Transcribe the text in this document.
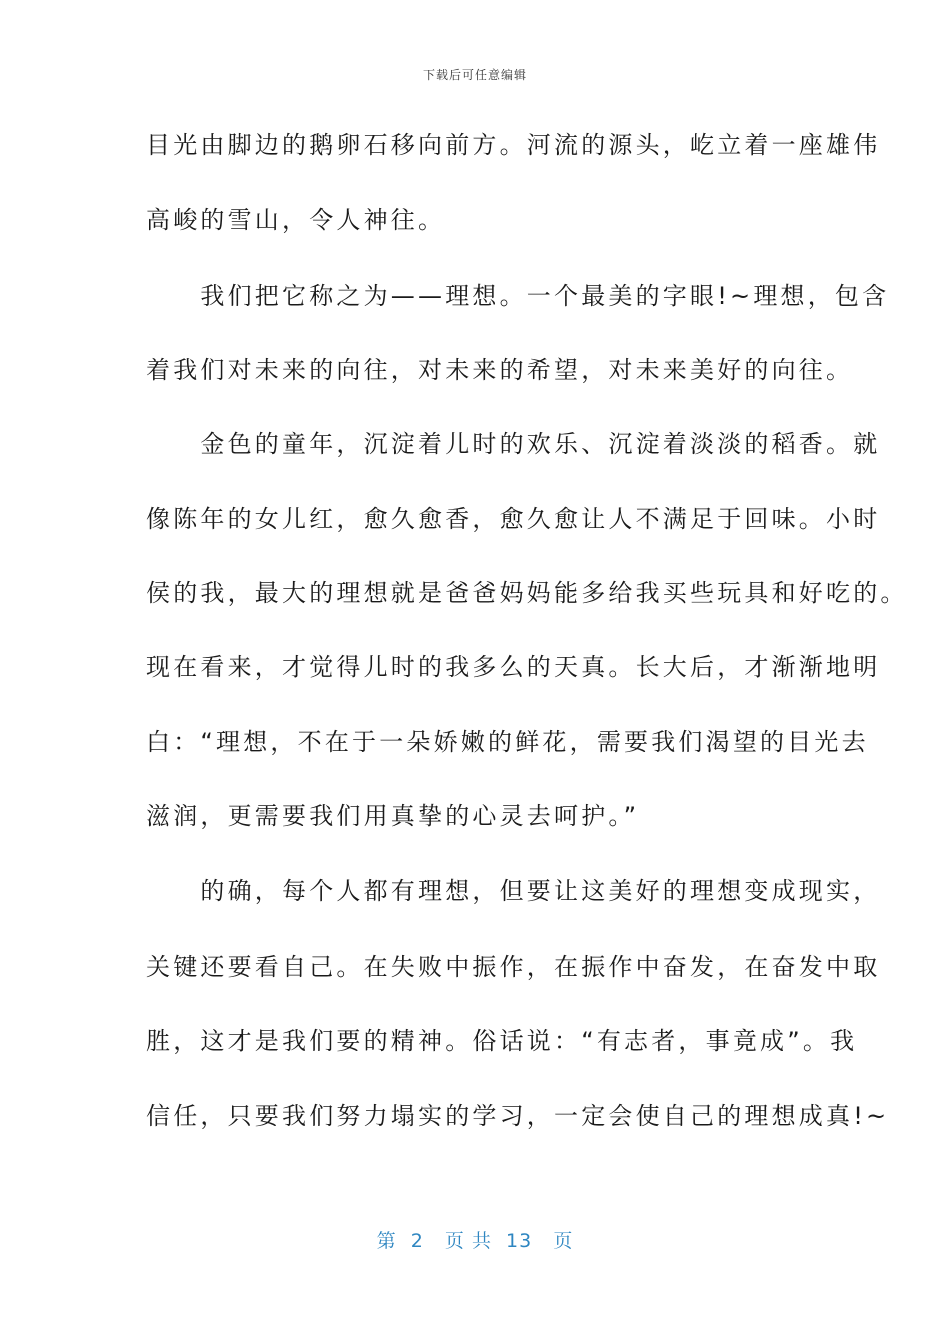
下载后可任意编辑
目光由脚边的鹅卵石移向前方。河流的源头，屹立着一座雄伟
高峻的雪山，令人神往。
　　我们把它称之为——理想。一个最美的字眼!~理想，包含
着我们对未来的向往，对未来的希望，对未来美好的向往。
　　金色的童年，沉淀着儿时的欢乐、沉淀着淡淡的稻香。就
像陈年的女儿红，愈久愈香，愈久愈让人不满足于回味。小时
侯的我，最大的理想就是爸爸妈妈能多给我买些玩具和好吃的。
现在看来，才觉得儿时的我多么的天真。长大后，才渐渐地明
白：“理想，不在于一朵娇嫩的鲜花，需要我们渴望的目光去
滋润，更需要我们用真挚的心灵去呵护。”
　　的确，每个人都有理想，但要让这美好的理想变成现实，
关键还要看自己。在失败中振作，在振作中奋发，在奋发中取
胜，这才是我们要的精神。俗话说：“有志者，事竟成”。我
信任，只要我们努力塌实的学习，一定会使自己的理想成真!~
第  2   页 共  13   页
